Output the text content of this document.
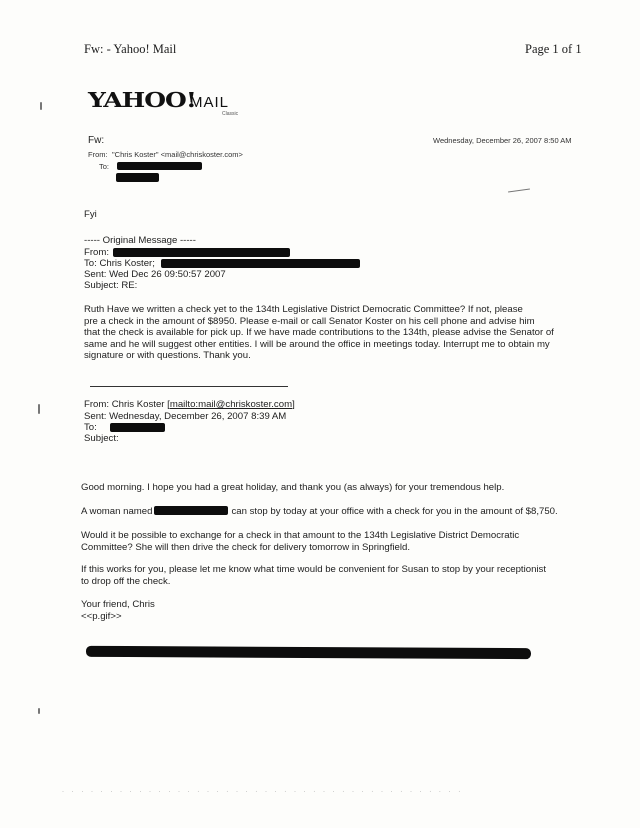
Fw: - Yahoo! Mail	Page 1 of 1
YAHOO!
MAIL
Classic
Fw:	Wednesday, December 26, 2007 8:50 AM
From: "Chris Koster" <mail@chriskoster.com>
To:
Fyi
----- Original Message -----
From:
To: Chris Koster;
Sent: Wed Dec 26 09:50:57 2007
Subject: RE:

Ruth Have we written a check yet to the 134th Legislative District Democratic Committee? If not, please

pre a check in the amount of $8950. Please e-mail or call Senator Koster on his cell phone and advise him

that the check is available for pick up. If we have made contributions to the 134th, please advise the Senator of

same and he will suggest other entities. I will be around the office in meetings today. Interrupt me to obtain my

signature or with questions. Thank you.

From: Chris Koster [mailto:mail@chriskoster.com]
Sent: Wednesday, December 26, 2007 8:39 AM
To:
Subject:
Good morning. I hope you had a great holiday, and thank you (as always) for your tremendous help.
A woman named	can stop by today at your office with a check for you in the amount of $8,750.

Would it be possible to exchange for a check in that amount to the 134th Legislative District Democratic

Committee? She will then drive the check for delivery tomorrow in Springfield.

If this works for you, please let me know what time would be convenient for Susan to stop by your receptionist

to drop off the check.

Your friend, Chris
<<p.gif>>
· · · · · · · · · · · · · · · · · · · · · · · · · · · · · · · · · · · · · · · · · ·
